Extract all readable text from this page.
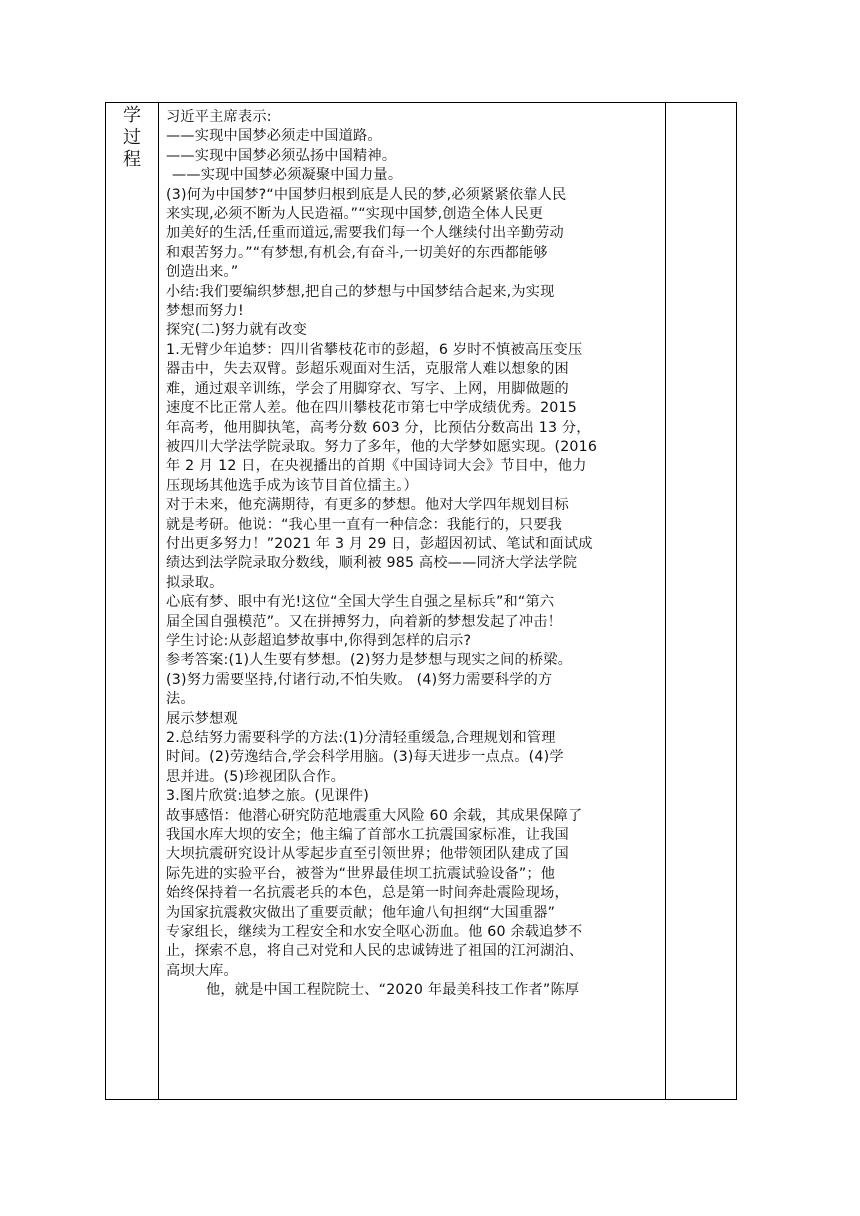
学
过
程

习近平主席表示:

——实现中国梦必须走中国道路。

——实现中国梦必须弘扬中国精神。

——实现中国梦必须凝聚中国力量。

(3)何为中国梦?“中国梦归根到底是人民的梦,必须紧紧依靠人民

来实现,必须不断为人民造福。”“实现中国梦,创造全体人民更

加美好的生活,任重而道远,需要我们每一个人继续付出辛勤劳动

和艰苦努力。”“有梦想,有机会,有奋斗,一切美好的东西都能够

创造出来。”

小结:我们要编织梦想,把自己的梦想与中国梦结合起来,为实现

梦想而努力!

探究(二)努力就有改变

1.无臂少年追梦：四川省攀枝花市的彭超，6 岁时不慎被高压变压

器击中，失去双臂。彭超乐观面对生活，克服常人难以想象的困

难，通过艰辛训练，学会了用脚穿衣、写字、上网，用脚做题的

速度不比正常人差。他在四川攀枝花市第七中学成绩优秀。2015

年高考，他用脚执笔，高考分数 603 分，比预估分数高出 13 分，

被四川大学法学院录取。努力了多年，他的大学梦如愿实现。(2016

年 2 月 12 日，在央视播出的首期《中国诗词大会》节目中，他力

压现场其他选手成为该节目首位擂主。）

对于未来，他充满期待，有更多的梦想。他对大学四年规划目标

就是考研。他说：“我心里一直有一种信念：我能行的，只要我

付出更多努力！”2021 年 3 月 29 日，彭超因初试、笔试和面试成

绩达到法学院录取分数线，顺利被 985 高校——同济大学法学院

拟录取。

心底有梦、眼中有光!这位“全国大学生自强之星标兵”和“第六

届全国自强模范”。又在拼搏努力，向着新的梦想发起了冲击！

学生讨论:从彭超追梦故事中,你得到怎样的启示?

参考答案:(1)人生要有梦想。(2)努力是梦想与现实之间的桥梁。

(3)努力需要坚持,付诸行动,不怕失败。 (4)努力需要科学的方

法。

展示梦想观

2.总结努力需要科学的方法:(1)分清轻重缓急,合理规划和管理

时间。(2)劳逸结合,学会科学用脑。(3)每天进步一点点。(4)学

思并进。(5)珍视团队合作。

3.图片欣赏:追梦之旅。(见课件)

故事感悟：他潜心研究防范地震重大风险 60 余载，其成果保障了

我国水库大坝的安全；他主编了首部水工抗震国家标准，让我国

大坝抗震研究设计从零起步直至引领世界；他带领团队建成了国

际先进的实验平台，被誉为“世界最佳坝工抗震试验设备”；他

始终保持着一名抗震老兵的本色，总是第一时间奔赴震险现场，

为国家抗震救灾做出了重要贡献；他年逾八旬担纲“大国重器”

专家组长，继续为工程安全和水安全呕心沥血。他 60 余载追梦不

止，探索不息，将自己对党和人民的忠诚铸进了祖国的江河湖泊、

高坝大库。

他，就是中国工程院院士、“2020 年最美科技工作者”陈厚
